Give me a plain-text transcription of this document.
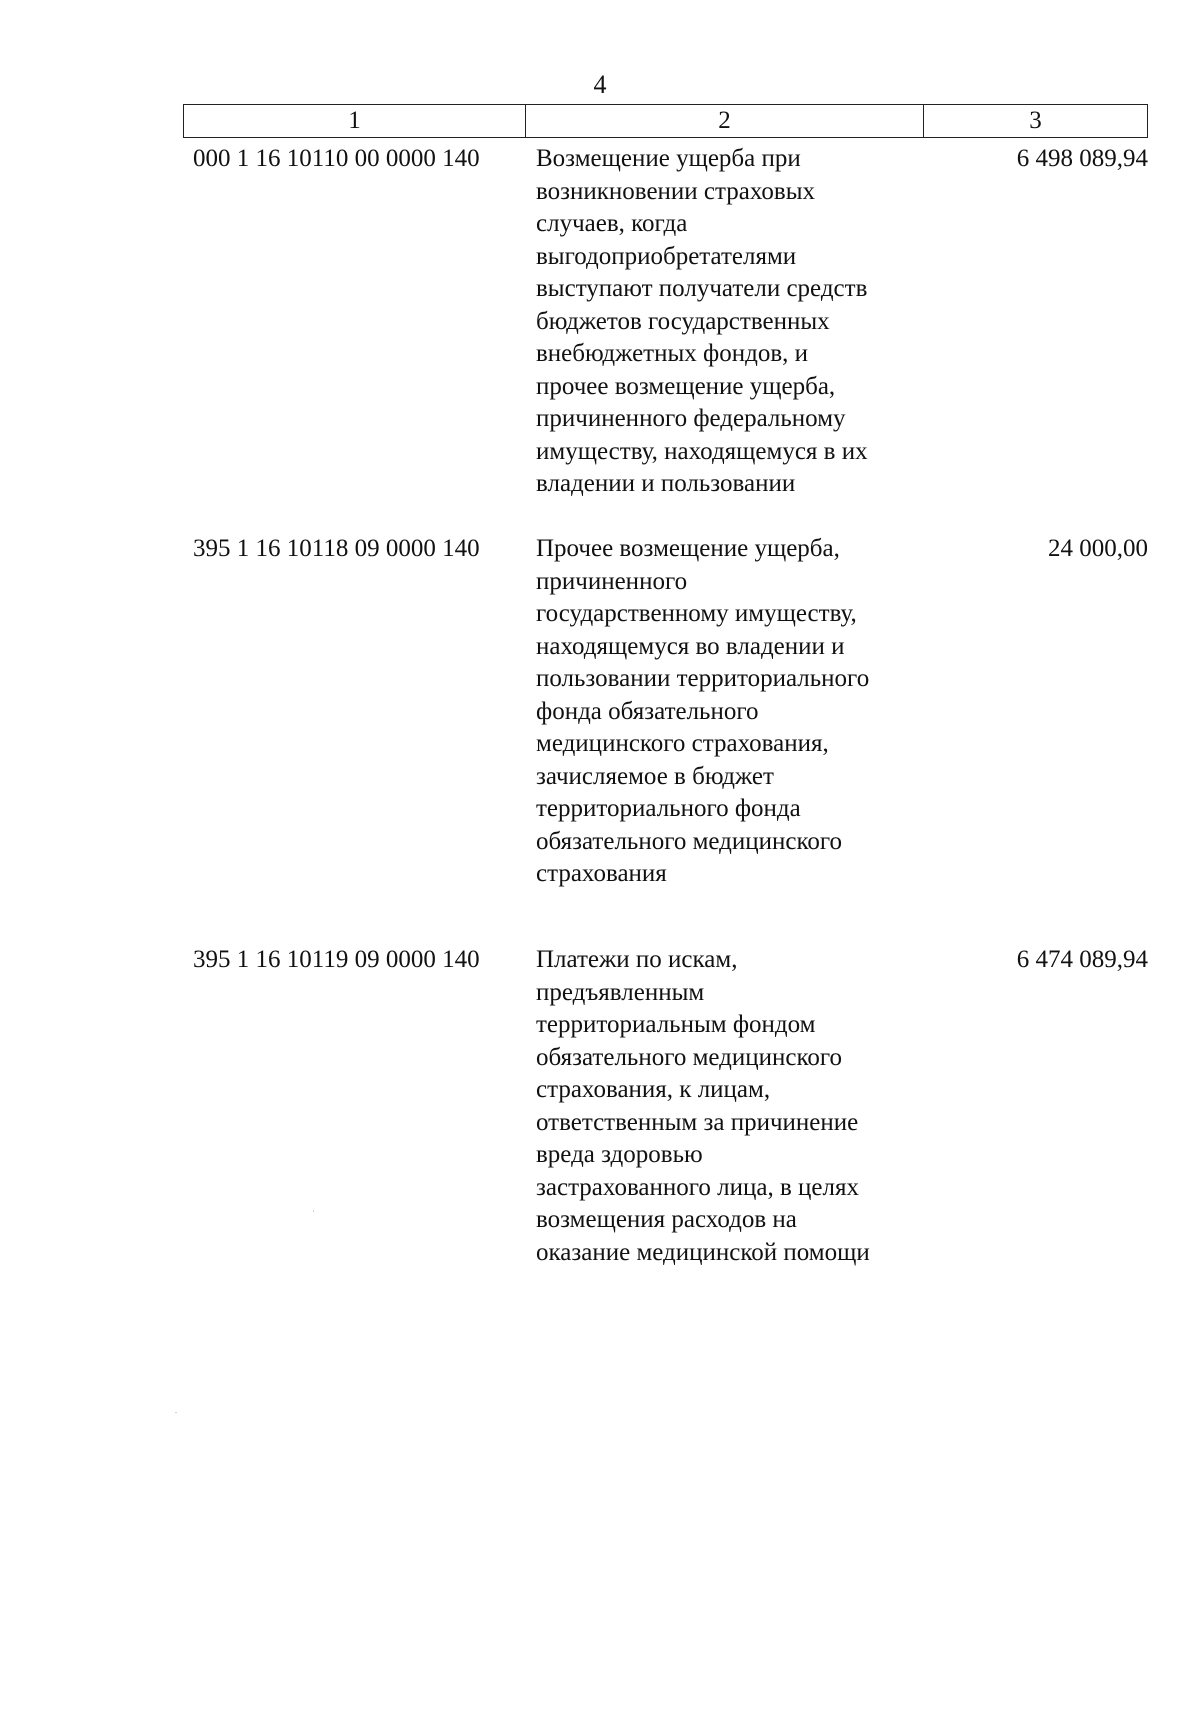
4
1	2	3
000 1 16 10110 00 0000 140 Возмещение ущерба при
возникновении страховых
случаев, когда
выгодоприобретателями
выступают получатели средств
бюджетов государственных
внебюджетных фондов, и
прочее возмещение ущерба,
причиненного федеральному
имуществу, находящемуся в их
владении и пользовании
6 498 089,94
395 1 16 10118 09 0000 140 Прочее возмещение ущерба,
причиненного
государственному имуществу,
находящемуся во владении и
пользовании территориального
фонда обязательного
медицинского страхования,
зачисляемое в бюджет
территориального фонда
обязательного медицинского
страхования
24 000,00
395 1 16 10119 09 0000 140 Платежи по искам,
предъявленным
территориальным фондом
обязательного медицинского
страхования, к лицам,
ответственным за причинение
вреда здоровью
застрахованного лица, в целях
возмещения расходов на
оказание медицинской помощи
6 474 089,94
